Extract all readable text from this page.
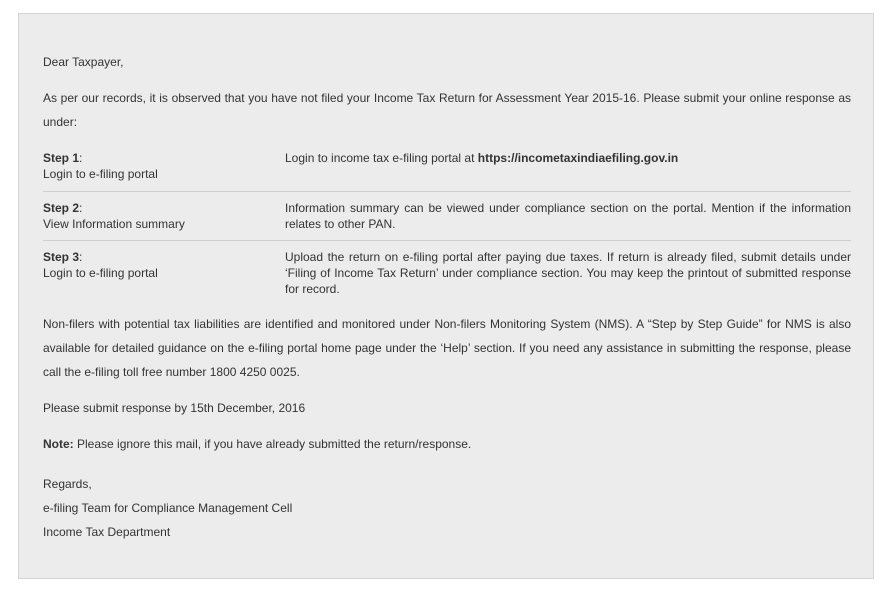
Dear Taxpayer,
As per our records, it is observed that you have not filed your Income Tax Return for Assessment Year 2015-16. Please submit your online response as under:
Step 1:
Login to e-filing portal
Login to income tax e-filing portal at https://incometaxindiaefiling.gov.in
Step 2:
View Information summary
Information summary can be viewed under compliance section on the portal. Mention if the information relates to other PAN.
Step 3:
Login to e-filing portal
Upload the return on e-filing portal after paying due taxes. If return is already filed, submit details under ‘Filing of Income Tax Return’ under compliance section. You may keep the printout of submitted response for record.
Non-filers with potential tax liabilities are identified and monitored under Non-filers Monitoring System (NMS). A “Step by Step Guide” for NMS is also available for detailed guidance on the e-filing portal home page under the ‘Help’ section. If you need any assistance in submitting the response, please call the e-filing toll free number 1800 4250 0025.
Please submit response by 15th December, 2016
Note: Please ignore this mail, if you have already submitted the return/response.
Regards,
e-filing Team for Compliance Management Cell
Income Tax Department
